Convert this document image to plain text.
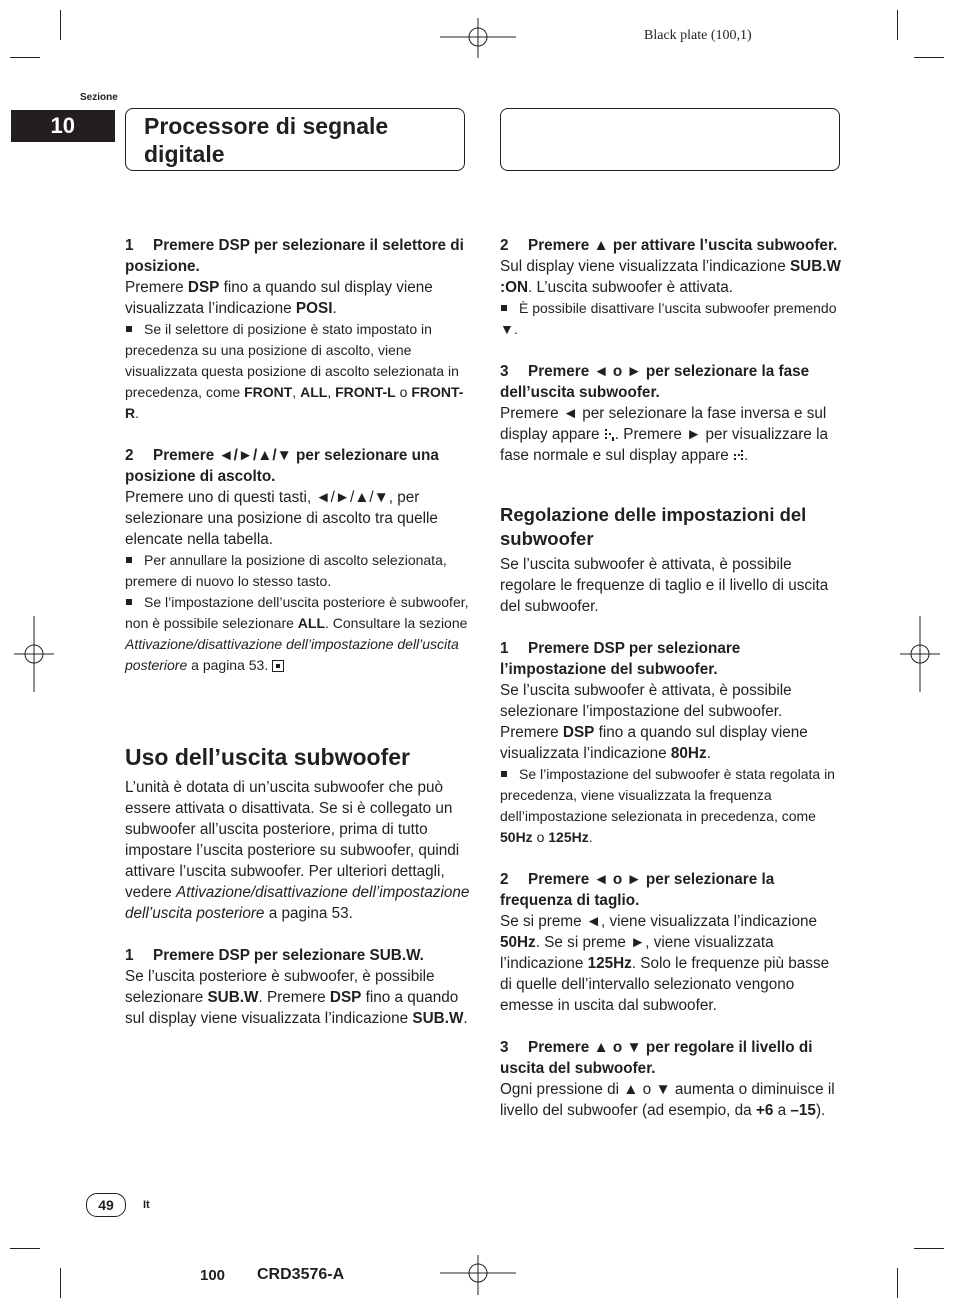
Black plate (100,1)
Sezione
10	Processore di segnale
digitale

1 Premere DSP per selezionare il selettore di posizione.

Premere DSP fino a quando sul display viene visualizzata l’indicazione POSI.

Se il selettore di posizione è stato impostato in precedenza su una posizione di ascolto, viene visualizzata questa posizione di ascolto selezionata in precedenza, come FRONT, ALL, FRONT-L o FRONT-R.

2 Premere ◄/►/▲/▼ per selezionare una posizione di ascolto.

Premere uno di questi tasti, ◄/►/▲/▼, per selezionare una posizione di ascolto tra quelle elencate nella tabella.

Per annullare la posizione di ascolto selezionata, premere di nuovo lo stesso tasto.

Se l’impostazione dell’uscita posteriore è subwoofer, non è possibile selezionare ALL. Consultare la sezione Attivazione/disattivazione dell’impostazione dell’uscita posteriore a pagina 53.

Uso dell’uscita subwoofer

L’unità è dotata di un’uscita subwoofer che può essere attivata o disattivata. Se si è collegato un subwoofer all’uscita posteriore, prima di tutto impostare l’uscita posteriore su subwoofer, quindi attivare l’uscita subwoofer. Per ulteriori dettagli, vedere Attivazione/disattivazione dell’impostazione dell’uscita posteriore a pagina 53.

1 Premere DSP per selezionare SUB.W.

Se l’uscita posteriore è subwoofer, è possibile selezionare SUB.W. Premere DSP fino a quando sul display viene visualizzata l’indicazione SUB.W.

2 Premere ▲ per attivare l’uscita subwoofer.

Sul display viene visualizzata l’indicazione SUB.W :ON. L’uscita subwoofer è attivata.

È possibile disattivare l’uscita subwoofer premendo ▼.

3 Premere ◄ o ► per selezionare la fase dell’uscita subwoofer.

Premere ◄ per selezionare la fase inversa e sul display appare . Premere ► per visualizzare la fase normale e sul display appare .

Regolazione delle impostazioni del subwoofer

Se l’uscita subwoofer è attivata, è possibile regolare le frequenze di taglio e il livello di uscita del subwoofer.

1 Premere DSP per selezionare l’impostazione del subwoofer.

Se l’uscita subwoofer è attivata, è possibile selezionare l’impostazione del subwoofer. Premere DSP fino a quando sul display viene visualizzata l’indicazione 80Hz.

Se l’impostazione del subwoofer è stata regolata in precedenza, viene visualizzata la frequenza dell’impostazione selezionata in precedenza, come 50Hz o 125Hz.

2 Premere ◄ o ► per selezionare la frequenza di taglio.

Se si preme ◄, viene visualizzata l’indicazione 50Hz. Se si preme ►, viene visualizzata l’indicazione 125Hz. Solo le frequenze più basse di quelle dell’intervallo selezionato vengono emesse in uscita dal subwoofer.

3 Premere ▲ o ▼ per regolare il livello di uscita del subwoofer.

Ogni pressione di ▲ o ▼ aumenta o diminuisce il livello del subwoofer (ad esempio, da +6 a –15).

49	It
100 CRD3576-A
